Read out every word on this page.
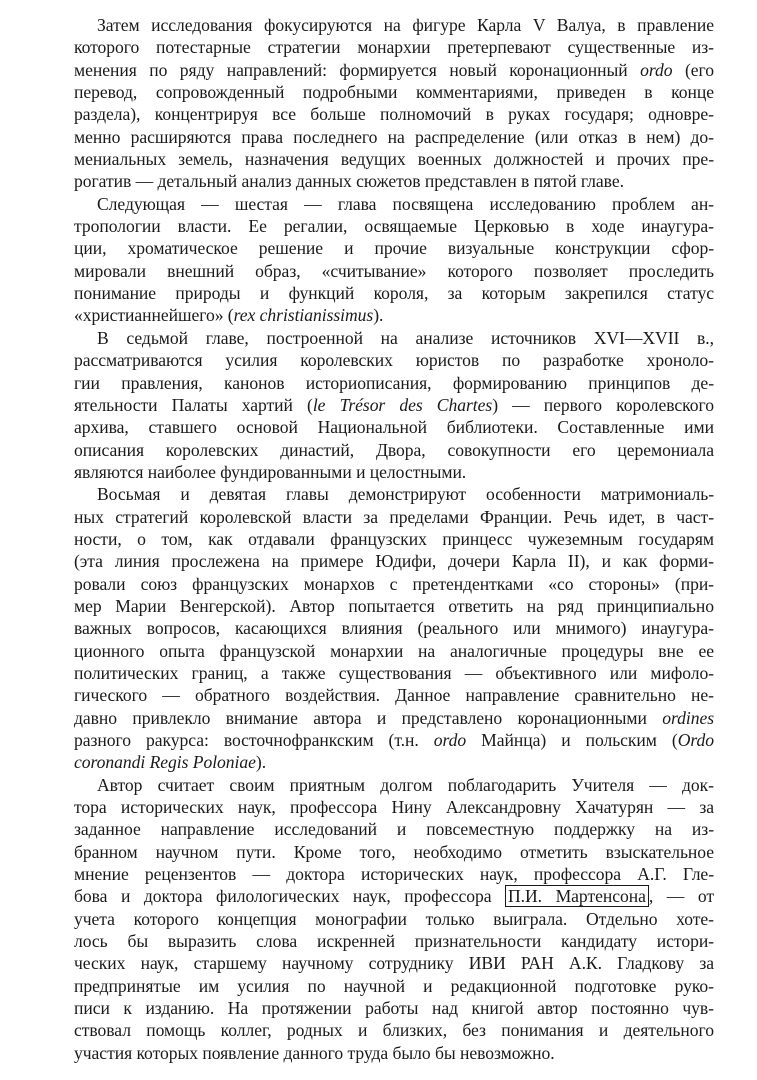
Затем исследования фокусируются на фигуре Карла V Валуа, в правление
которого потестарные стратегии монархии претерпевают существенные из-
менения по ряду направлений: формируется новый коронационный ordo (его
перевод, сопровожденный подробными комментариями, приведен в конце
раздела), концентрируя все больше полномочий в руках государя; одновре-
менно расширяются права последнего на распределение (или отказ в нем) до-
мениальных земель, назначения ведущих военных должностей и прочих пре-
рогатив — детальный анализ данных сюжетов представлен в пятой главе.
Следующая — шестая — глава посвящена исследованию проблем ан-
тропологии власти. Ее регалии, освящаемые Церковью в ходе инаугура-
ции, хроматическое решение и прочие визуальные конструкции сфор-
мировали внешний образ, «считывание» которого позволяет проследить
понимание природы и функций короля, за которым закрепился статус
«христианнейшего» (rex christianissimus).
В седьмой главе, построенной на анализе источников XVI—XVII в.,
рассматриваются усилия королевских юристов по разработке хроноло-
гии правления, канонов историописания, формированию принципов де-
ятельности Палаты хартий (le Trésor des Chartes) — первого королевского
архива, ставшего основой Национальной библиотеки. Составленные ими
описания королевских династий, Двора, совокупности его церемониала
являются наиболее фундированными и целостными.
Восьмая и девятая главы демонстрируют особенности матримониаль-
ных стратегий королевской власти за пределами Франции. Речь идет, в част-
ности, о том, как отдавали французских принцесс чужеземным государям
(эта линия прослежена на примере Юдифи, дочери Карла II), и как форми-
ровали союз французских монархов с претендентками «со стороны» (при-
мер Марии Венгерской). Автор попытается ответить на ряд принципиально
важных вопросов, касающихся влияния (реального или мнимого) инаугура-
ционного опыта французской монархии на аналогичные процедуры вне ее
политических границ, а также существования — объективного или мифоло-
гического — обратного воздействия. Данное направление сравнительно не-
давно привлекло внимание автора и представлено коронационными ordines
разного ракурса: восточнофранкским (т.н. ordo Майнца) и польским (Ordo
coronandi Regis Poloniae).
Автор считает своим приятным долгом поблагодарить Учителя — док-
тора исторических наук, профессора Нину Александровну Хачатурян — за
заданное направление исследований и повсеместную поддержку на из-
бранном научном пути. Кроме того, необходимо отметить взыскательное
мнение рецензентов — доктора исторических наук, профессора А.Г. Гле-
бова и доктора филологических наук, профессора П.И. Мартенсона , — от
учета которого концепция монографии только выиграла. Отдельно хоте-
лось бы выразить слова искренней признательности кандидату истори-
ческих наук, старшему научному сотруднику ИВИ РАН А.К. Гладкову за
предпринятые им усилия по научной и редакционной подготовке руко-
писи к изданию. На протяжении работы над книгой автор постоянно чув-
ствовал помощь коллег, родных и близких, без понимания и деятельного
участия которых появление данного труда было бы невозможно.
